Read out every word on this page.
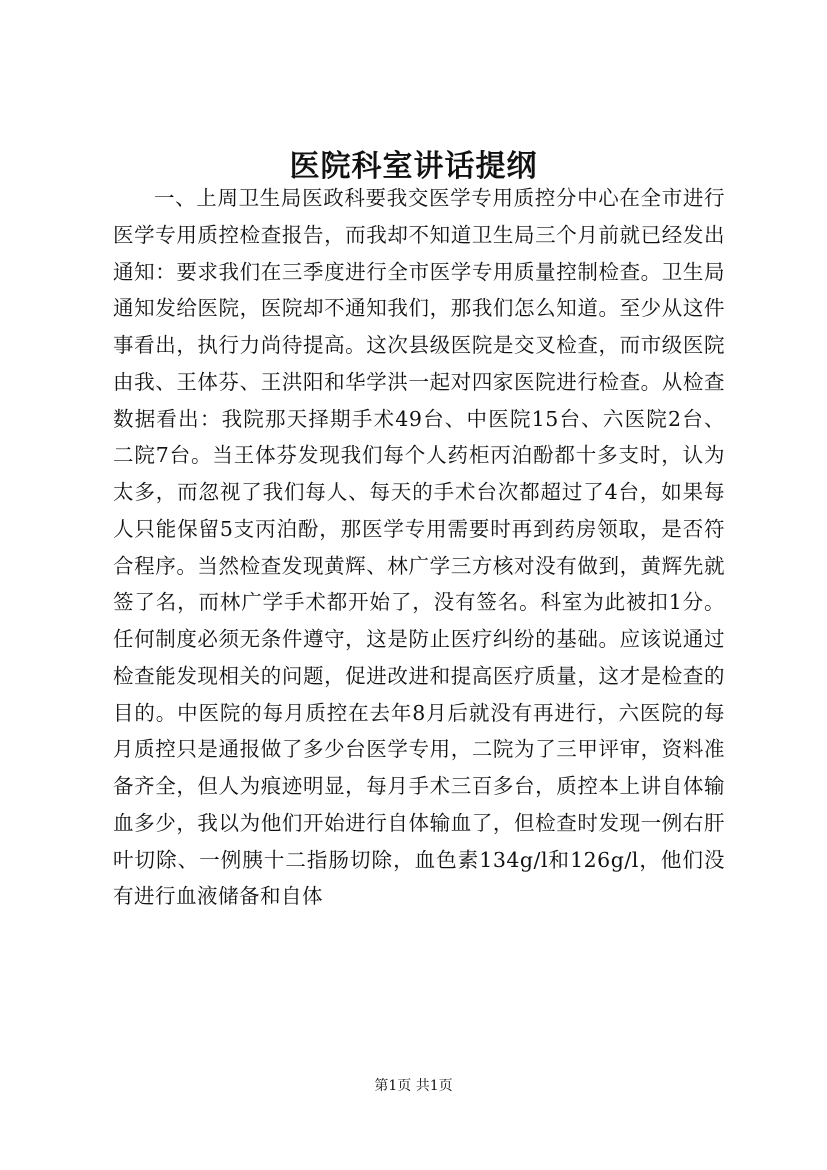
医院科室讲话提纲

一、上周卫生局医政科要我交医学专用质控分中心在全市进行医学专用质控检查报告，而我却不知道卫生局三个月前就已经发出通知：要求我们在三季度进行全市医学专用质量控制检查。卫生局通知发给医院，医院却不通知我们，那我们怎么知道。至少从这件事看出，执行力尚待提高。这次县级医院是交叉检查，而市级医院由我、王体芬、王洪阳和华学洪一起对四家医院进行检查。从检查数据看出：我院那天择期手术49台、中医院15台、六医院2台、二院7台。当王体芬发现我们每个人药柜丙泊酚都十多支时，认为太多，而忽视了我们每人、每天的手术台次都超过了4台，如果每人只能保留5支丙泊酚，那医学专用需要时再到药房领取，是否符合程序。当然检查发现黄辉、林广学三方核对没有做到，黄辉先就签了名，而林广学手术都开始了，没有签名。科室为此被扣1分。任何制度必须无条件遵守，这是防止医疗纠纷的基础。应该说通过检查能发现相关的问题，促进改进和提高医疗质量，这才是检查的目的。中医院的每月质控在去年8月后就没有再进行，六医院的每月质控只是通报做了多少台医学专用，二院为了三甲评审，资料准备齐全，但人为痕迹明显，每月手术三百多台，质控本上讲自体输血多少，我以为他们开始进行自体输血了，但检查时发现一例右肝叶切除、一例胰十二指肠切除，血色素134g/l和126g/l，他们没有进行血液储备和自体

第1页 共1页
